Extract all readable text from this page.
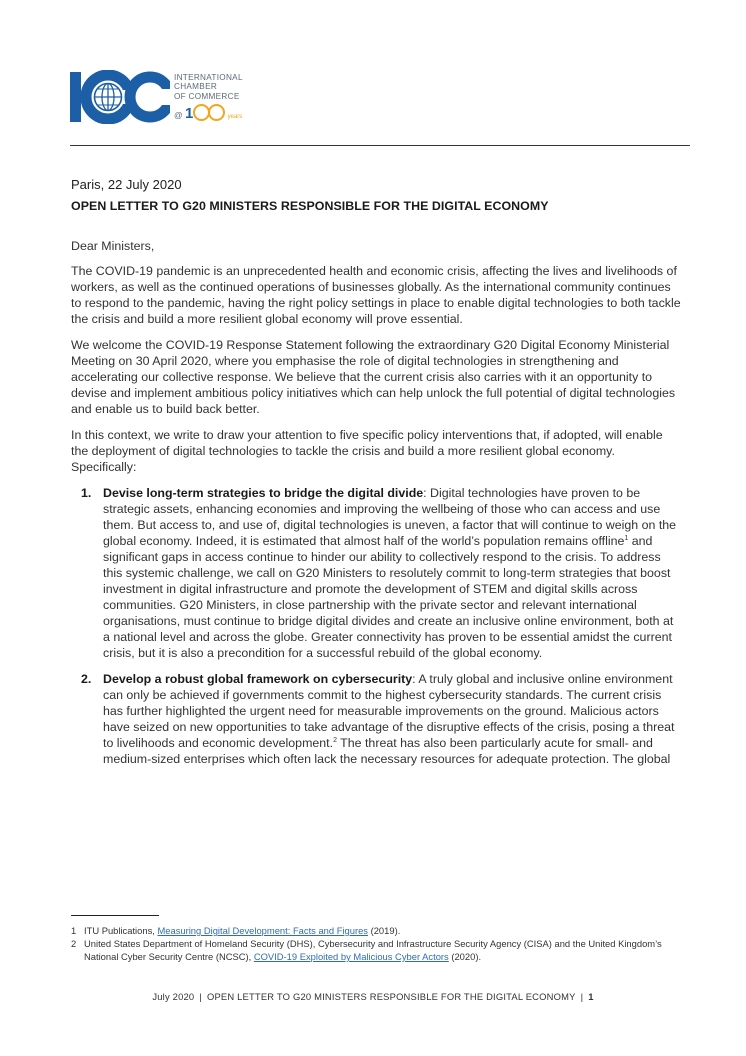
INTERNATIONAL
CHAMBER
OF COMMERCE
@ 1	years
Paris, 22 July 2020
OPEN LETTER TO G20 MINISTERS RESPONSIBLE FOR THE DIGITAL ECONOMY

Dear Ministers,

The COVID-19 pandemic is an unprecedented health and economic crisis, affecting the lives and livelihoods of workers, as well as the continued operations of businesses globally. As the international community continues to respond to the pandemic, having the right policy settings in place to enable digital technologies to both tackle the crisis and build a more resilient global economy will prove essential.

We welcome the COVID-19 Response Statement following the extraordinary G20 Digital Economy Ministerial Meeting on 30 April 2020, where you emphasise the role of digital technologies in strengthening and accelerating our collective response. We believe that the current crisis also carries with it an opportunity to devise and implement ambitious policy initiatives which can help unlock the full potential of digital technologies and enable us to build back better.

In this context, we write to draw your attention to five specific policy interventions that, if adopted, will enable the deployment of digital technologies to tackle the crisis and build a more resilient global economy. Specifically:

1. Devise long-term strategies to bridge the digital divide: Digital technologies have proven to be strategic assets, enhancing economies and improving the wellbeing of those who can access and use them. But access to, and use of, digital technologies is uneven, a factor that will continue to weigh on the global economy. Indeed, it is estimated that almost half of the world’s population remains offline$^1$ and significant gaps in access continue to hinder our ability to collectively respond to the crisis. To address this systemic challenge, we call on G20 Ministers to resolutely commit to long-term strategies that boost investment in digital infrastructure and promote the development of STEM and digital skills across communities. G20 Ministers, in close partnership with the private sector and relevant international organisations, must continue to bridge digital divides and create an inclusive online environment, both at a national level and across the globe. Greater connectivity has proven to be essential amidst the current crisis, but it is also a precondition for a successful rebuild of the global economy.
2. Develop a robust global framework on cybersecurity: A truly global and inclusive online environment can only be achieved if governments commit to the highest cybersecurity standards. The current crisis has further highlighted the urgent need for measurable improvements on the ground. Malicious actors have seized on new opportunities to take advantage of the disruptive effects of the crisis, posing a threat to livelihoods and economic development.$^2$ The threat has also been particularly acute for small- and medium-sized enterprises which often lack the necessary resources for adequate protection. The global
1 ITU Publications, Measuring Digital Development: Facts and Figures (2019).
2 United States Department of Homeland Security (DHS), Cybersecurity and Infrastructure Security Agency (CISA) and the United Kingdom’s National Cyber Security Centre (NCSC), COVID-19 Exploited by Malicious Cyber Actors (2020).
July 2020 | OPEN LETTER TO G20 MINISTERS RESPONSIBLE FOR THE DIGITAL ECONOMY | 1
